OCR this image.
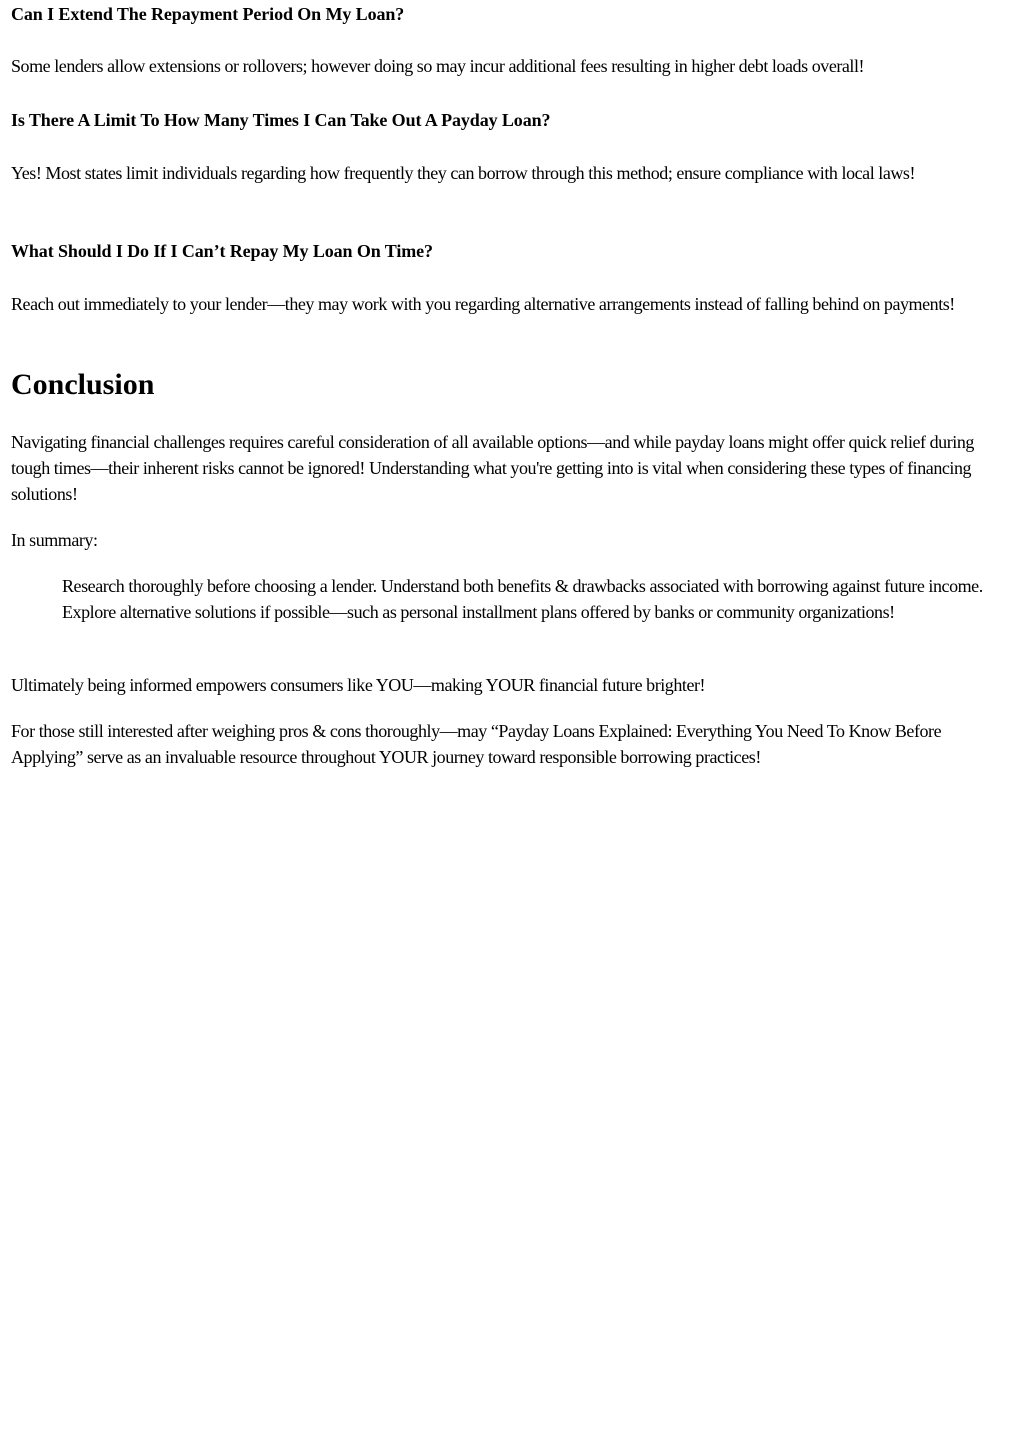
Can I Extend The Repayment Period On My Loan?

Some lenders allow extensions or rollovers; however doing so may incur additional fees resulting in higher debt loads overall!

Is There A Limit To How Many Times I Can Take Out A Payday Loan?

Yes! Most states limit individuals regarding how frequently they can borrow through this method; ensure compliance with local laws!

What Should I Do If I Can’t Repay My Loan On Time?

Reach out immediately to your lender—they may work with you regarding alternative arrangements instead of falling behind on payments!

Conclusion

Navigating financial challenges requires careful consideration of all available options—and while payday loans might offer quick relief during tough times—their inherent risks cannot be ignored! Understanding what you're getting into is vital when considering these types of financing solutions!

In summary:

Research thoroughly before choosing a lender. Understand both benefits & drawbacks associated with borrowing against future income. Explore alternative solutions if possible—such as personal installment plans offered by banks or community organizations!

Ultimately being informed empowers consumers like YOU—making YOUR financial future brighter!

For those still interested after weighing pros & cons thoroughly—may “Payday Loans Explained: Everything You Need To Know Before Applying” serve as an invaluable resource throughout YOUR journey toward responsible borrowing practices!
